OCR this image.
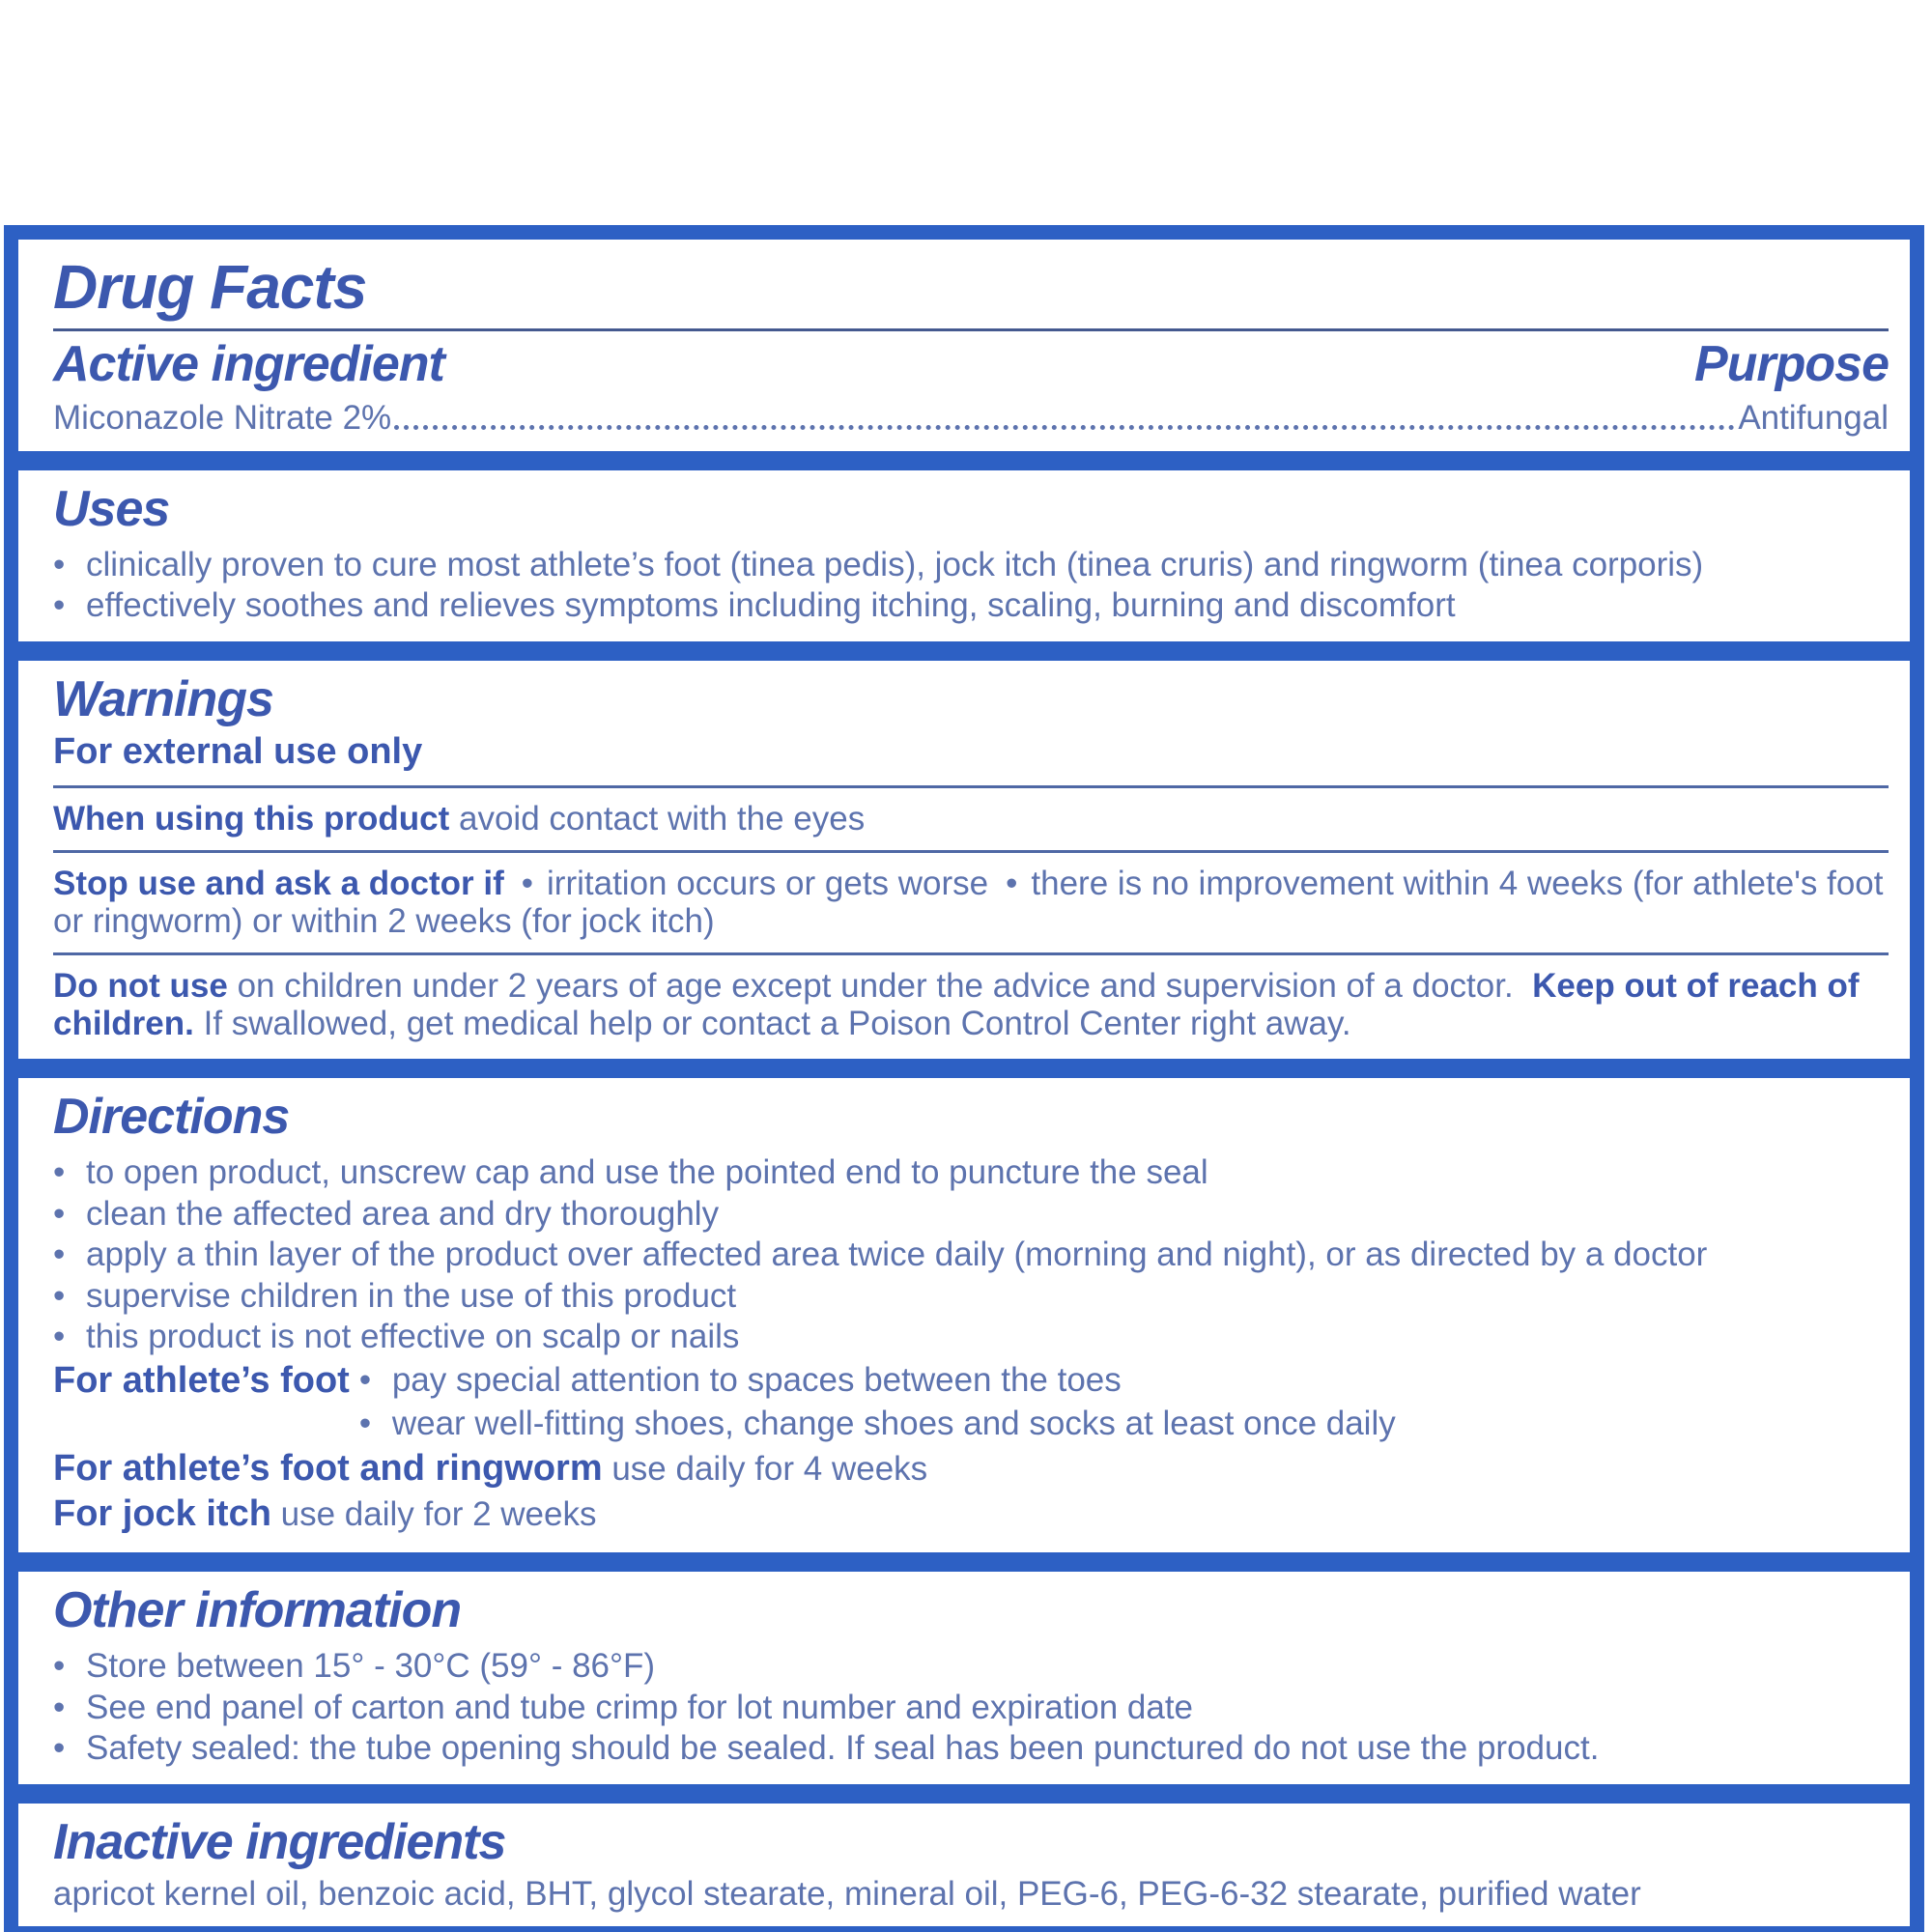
Drug Facts
Active ingredient	Purpose
Miconazole Nitrate 2%	Antifungal
Uses
• clinically proven to cure most athlete’s foot (tinea pedis), jock itch (tinea cruris) and ringworm (tinea corporis)
• effectively soothes and relieves symptoms including itching, scaling, burning and discomfort
Warnings
For external use only

When using this product avoid contact with the eyes

Stop use and ask a doctor if • irritation occurs or gets worse • there is no improvement within 4 weeks (for athlete's foot or ringworm) or within 2 weeks (for jock itch)

Do not use on children under 2 years of age except under the advice and supervision of a doctor. Keep out of reach of children. If swallowed, get medical help or contact a Poison Control Center right away.

Directions
• to open product, unscrew cap and use the pointed end to puncture the seal
• clean the affected area and dry thoroughly
• apply a thin layer of the product over affected area twice daily (morning and night), or as directed by a doctor
• supervise children in the use of this product
• this product is not effective on scalp or nails
For athlete’s foot • pay special attention to spaces between the toes
• wear well-fitting shoes, change shoes and socks at least once daily

For athlete’s foot and ringworm use daily for 4 weeks

For jock itch use daily for 2 weeks

Other information
• Store between 15° - 30°C (59° - 86°F)
• See end panel of carton and tube crimp for lot number and expiration date
• Safety sealed: the tube opening should be sealed. If seal has been punctured do not use the product.
Inactive ingredients
apricot kernel oil, benzoic acid, BHT, glycol stearate, mineral oil, PEG-6, PEG-6-32 stearate, purified water
